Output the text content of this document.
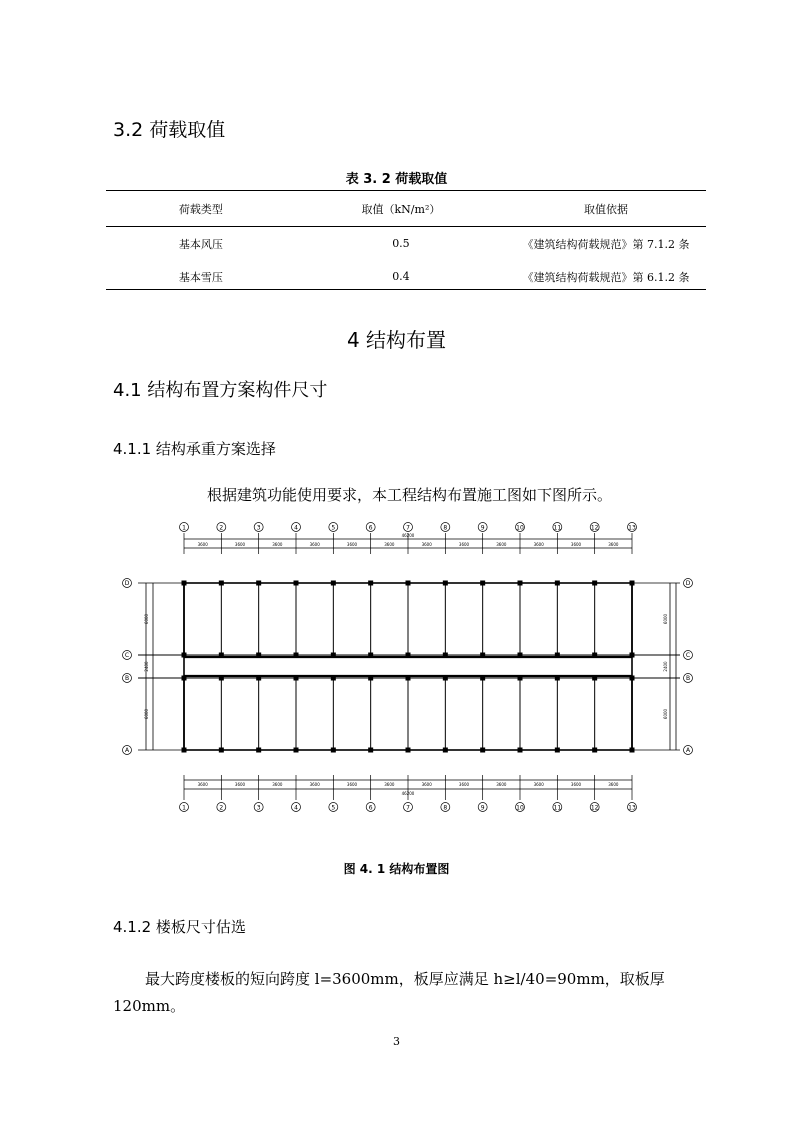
3.2 荷载取值
表 3. 2 荷载取值
荷载类型	取值（kN/m²）	取值依据
基本风压	0.5	《建筑结构荷载规范》第 7.1.2 条
基本雪压	0.4	《建筑结构荷载规范》第 6.1.2 条
4 结构布置
4.1 结构布置方案构件尺寸
4.1.1 结构承重方案选择
根据建筑功能使用要求，本工程结构布置施工图如下图所示。
1
1
2
2
3
3
4
4
5
5
6
6
7
7
8
8
9
9
10
10
11
11
12
12
13
13
3600
3600
3600
3600
3600
3600
3600
3600
3600
3600
3600
3600
3600
3600
3600
3600
3600
3600
3600
3600
3600
3600
3600
3600
46200
46200
D
C
B
A
D
C
B
A
6000
2400
6000
6000
2400
6000
图 4. 1 结构布置图
4.1.2 楼板尺寸估选
最大跨度楼板的短向跨度 l=3600mm，板厚应满足 h≥l/40=90mm，取板厚
120mm。
3
